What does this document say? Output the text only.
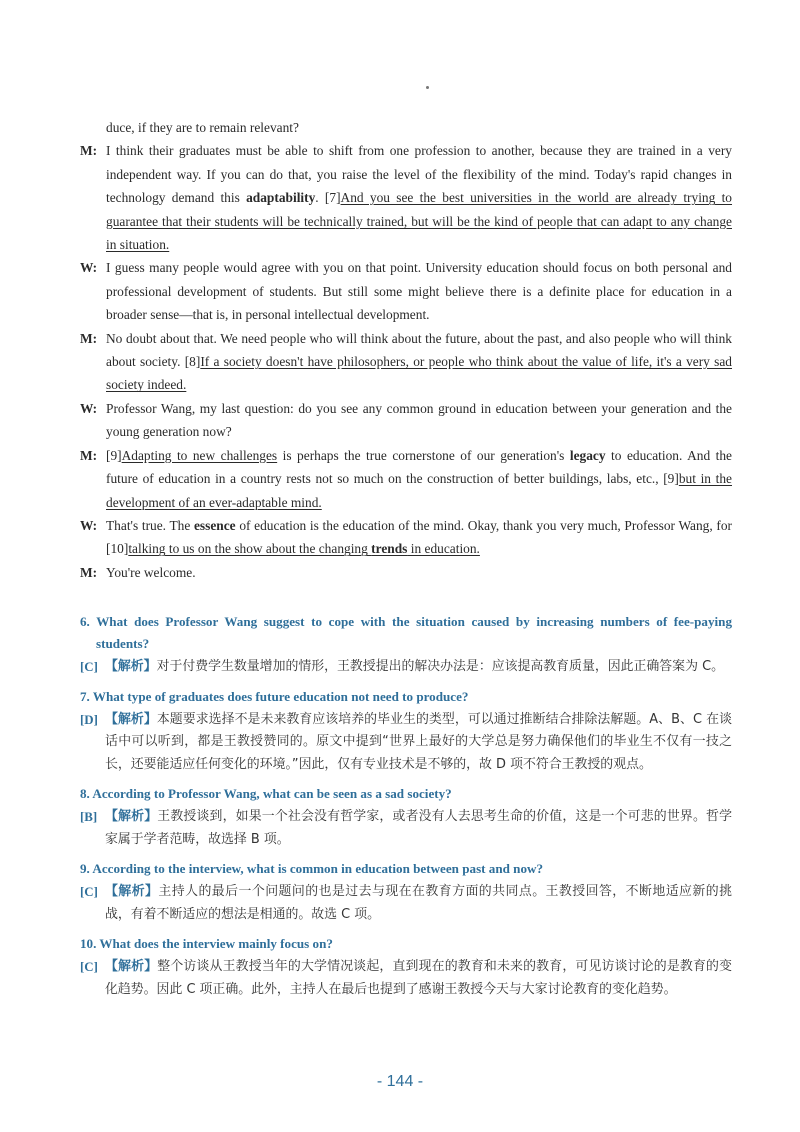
duce, if they are to remain relevant?
M: I think their graduates must be able to shift from one profession to another, because they are trained in a very independent way. If you can do that, you raise the level of the flexibility of the mind. Today's rapid changes in technology demand this adaptability. [7]And you see the best universities in the world are already trying to guarantee that their students will be technically trained, but will be the kind of people that can adapt to any change in situation.
W: I guess many people would agree with you on that point. University education should focus on both personal and professional development of students. But still some might believe there is a definite place for education in a broader sense—that is, in personal intellectual development.
M: No doubt about that. We need people who will think about the future, about the past, and also people who will think about society. [8]If a society doesn't have philosophers, or people who think about the value of life, it's a very sad society indeed.
W: Professor Wang, my last question: do you see any common ground in education between your generation and the young generation now?
M: [9]Adapting to new challenges is perhaps the true cornerstone of our generation's legacy to education. And the future of education in a country rests not so much on the construction of better buildings, labs, etc., [9]but in the development of an ever-adaptable mind.
W: That's true. The essence of education is the education of the mind. Okay, thank you very much, Professor Wang, for [10]talking to us on the show about the changing trends in education.
M: You're welcome.
6. What does Professor Wang suggest to cope with the situation caused by increasing numbers of fee-paying students?
[C] 【解析】对于付费学生数量增加的情形，王教授提出的解决办法是：应该提高教育质量，因此正确答案为 C。
7. What type of graduates does future education not need to produce?
[D] 【解析】本题要求选择不是未来教育应该培养的毕业生的类型，可以通过推断结合排除法解题。A、B、C 在谈话中可以听到，都是王教授赞同的。原文中提到“世界上最好的大学总是努力确保他们的毕业生不仅有一技之长，还要能适应任何变化的环境。”因此，仅有专业技术是不够的，故 D 项不符合王教授的观点。
8. According to Professor Wang, what can be seen as a sad society?
[B] 【解析】王教授谈到，如果一个社会没有哲学家，或者没有人去思考生命的价值，这是一个可悲的世界。哲学家属于学者范畴，故选择 B 项。
9. According to the interview, what is common in education between past and now?
[C] 【解析】主持人的最后一个问题问的也是过去与现在在教育方面的共同点。王教授回答，不断地适应新的挑战，有着不断适应的想法是相通的。故选 C 项。
10. What does the interview mainly focus on?
[C] 【解析】整个访谈从王教授当年的大学情况谈起，直到现在的教育和未来的教育，可见访谈讨论的是教育的变化趋势。因此 C 项正确。此外，主持人在最后也提到了感谢王教授今天与大家讨论教育的变化趋势。
- 144 -
